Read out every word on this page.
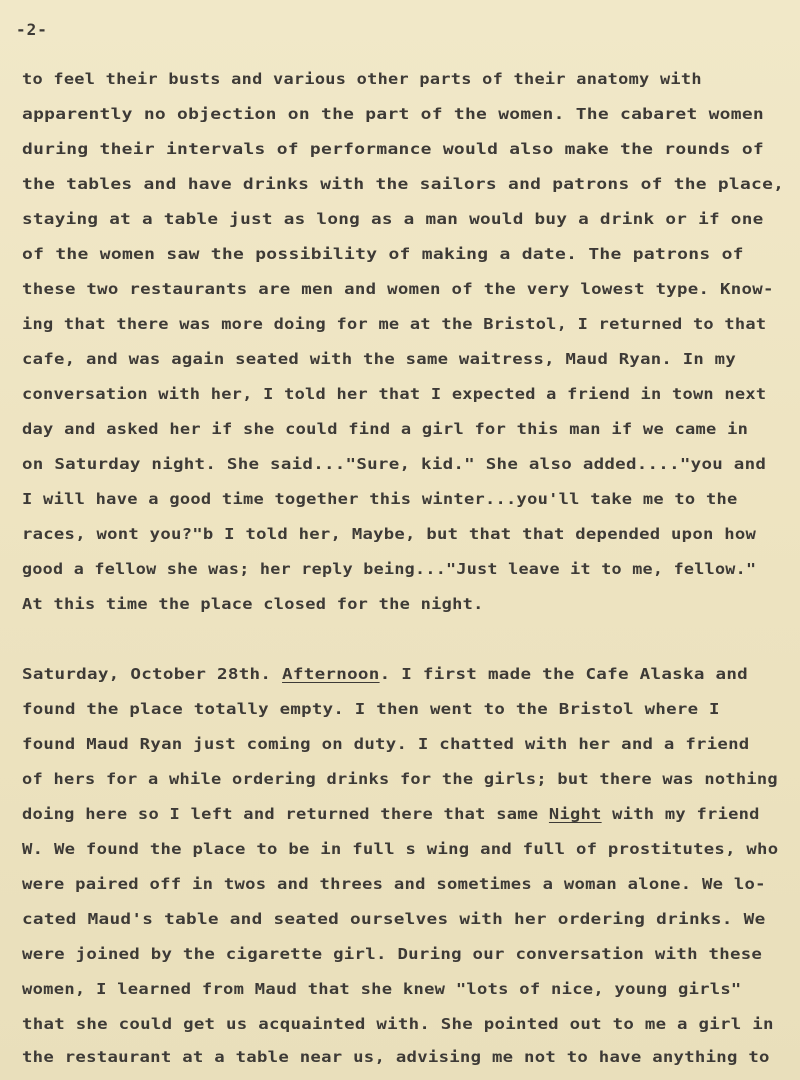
-2-
to feel their busts and various other parts of their anatomy with
apparently no objection on the part of the women. The cabaret women
during their intervals of performance would also make the rounds of
the tables and have drinks with the sailors and patrons of the place,
staying at a table just as long as a man would buy a drink or if one
of the women saw the possibility of making a date. The patrons of
these two restaurants are men and women of the very lowest type. Know-
ing that there was more doing for me at the Bristol, I returned to that
cafe, and was again seated with the same waitress, Maud Ryan. In my
conversation with her, I told her that I expected a friend in town next
day and asked her if she could find a girl for this man if we came in
on Saturday night. She said..."Sure, kid." She also added...."you and
I will have a good time together this winter...you'll take me to the
races, wont you?"b I told her, Maybe, but that that depended upon how
good a fellow she was; her reply being..."Just leave it to me, fellow."
At this time the place closed for the night.
Saturday, October 28th. Afternoon. I first made the Cafe Alaska and
found the place totally empty. I then went to the Bristol where I
found Maud Ryan just coming on duty. I chatted with her and a friend
of hers for a while ordering drinks for the girls; but there was nothing
doing here so I left and returned there that same Night with my friend
W. We found the place to be in full s wing and full of prostitutes, who
were paired off in twos and threes and sometimes a woman alone. We lo-
cated Maud's table and seated ourselves with her ordering drinks. We
were joined by the cigarette girl. During our conversation with these
women, I learned from Maud that she knew "lots of nice, young girls"
that she could get us acquainted with. She pointed out to me a girl in
the restaurant at a table near us, advising me not to have anything to
